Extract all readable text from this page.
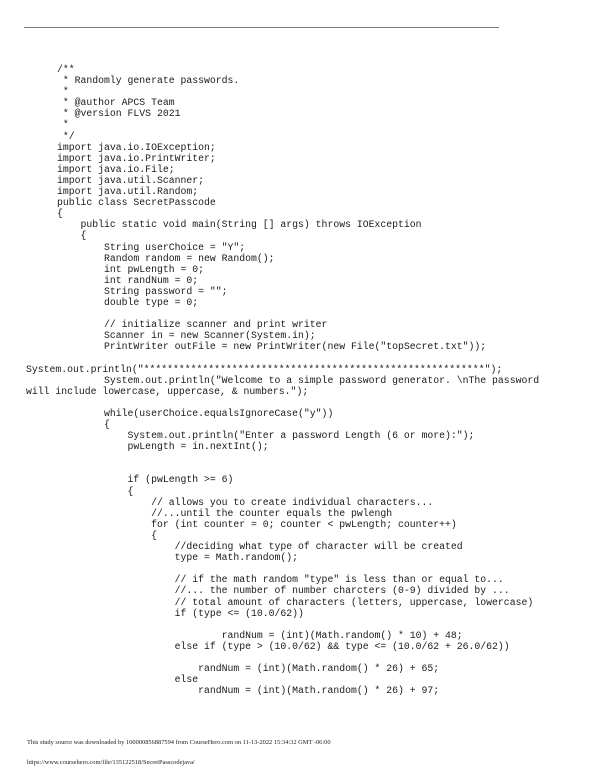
/**
* Randomly generate passwords.
*
* @author APCS Team
* @version FLVS 2021
*
*/
import java.io.IOException;
import java.io.PrintWriter;
import java.io.File;
import java.util.Scanner;
import java.util.Random;
public class SecretPasscode
{
public static void main(String [] args) throws IOException
{
String userChoice = "Y";
Random random = new Random();
int pwLength = 0;
int randNum = 0;
String password = "";
double type = 0;
// initialize scanner and print writer
Scanner in = new Scanner(System.in);
PrintWriter outFile = new PrintWriter(new File("topSecret.txt"));
System.out.println("**********************************************************");
System.out.println("Welcome to a simple password generator. \nThe password
will include lowercase, uppercase, & numbers.");
while(userChoice.equalsIgnoreCase("y"))
{
System.out.println("Enter a password Length (6 or more):");
pwLength = in.nextInt();
if (pwLength >= 6)
{
// allows you to create individual characters...
//...until the counter equals the pwlengh
for (int counter = 0; counter < pwLength; counter++)
{
//deciding what type of character will be created
type = Math.random();
// if the math random "type" is less than or equal to...
//... the number of number charcters (0-9) divided by ...
// total amount of characters (letters, uppercase, lowercase)
if (type <= (10.0/62))
randNum = (int)(Math.random() * 10) + 48;
else if (type > (10.0/62) && type <= (10.0/62 + 26.0/62))
randNum = (int)(Math.random() * 26) + 65;
else
randNum = (int)(Math.random() * 26) + 97;
This study source was downloaded by 100000856887594 from CourseHero.com on 11-13-2022 15:34:32 GMT -06:00
https://www.coursehero.com/file/135122518/SecretPasscodejava/
